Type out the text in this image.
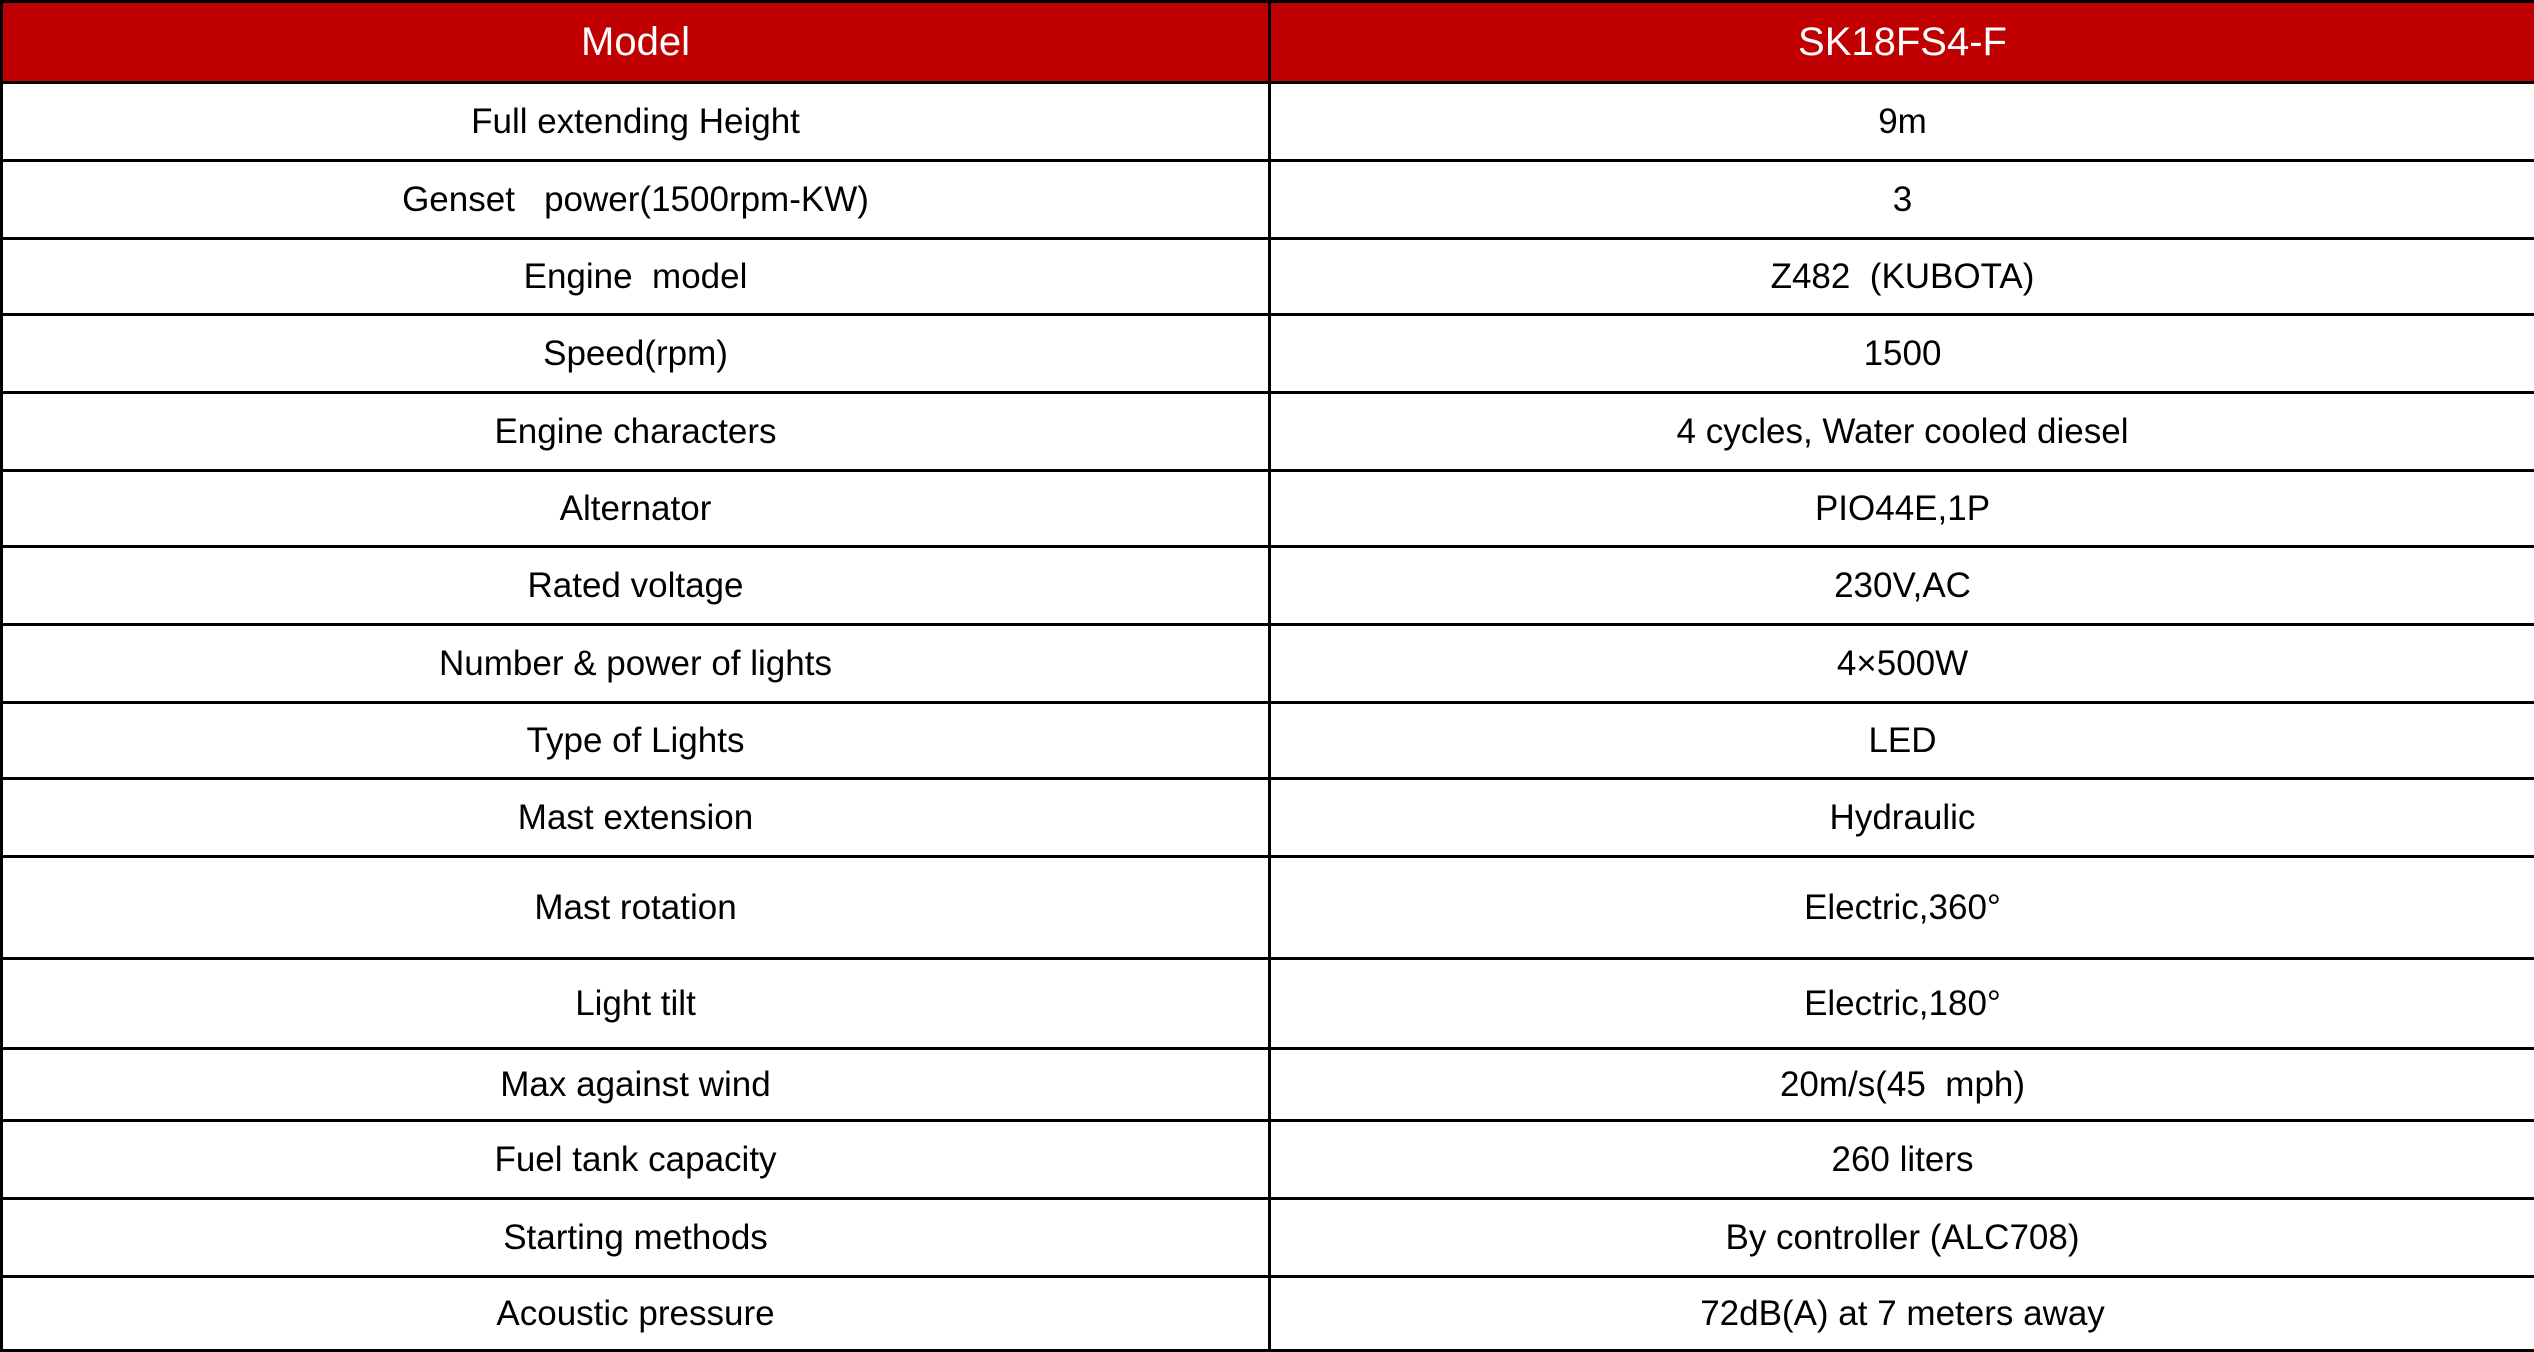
Model	SK18FS4-F
Full extending Height	9m
Genset   power(1500rpm-KW)	3
Engine  model	Z482  (KUBOTA)
Speed(rpm)	1500
Engine characters	4 cycles, Water cooled diesel
Alternator	PIO44E,1P
Rated voltage	230V,AC
Number & power of lights	4×500W
Type of Lights	LED
Mast extension	Hydraulic
Mast rotation	Electric,360°
Light tilt	Electric,180°
Max against wind	20m/s(45  mph)
Fuel tank capacity	260 liters
Starting methods	By controller (ALC708)
Acoustic pressure	72dB(A) at 7 meters away
